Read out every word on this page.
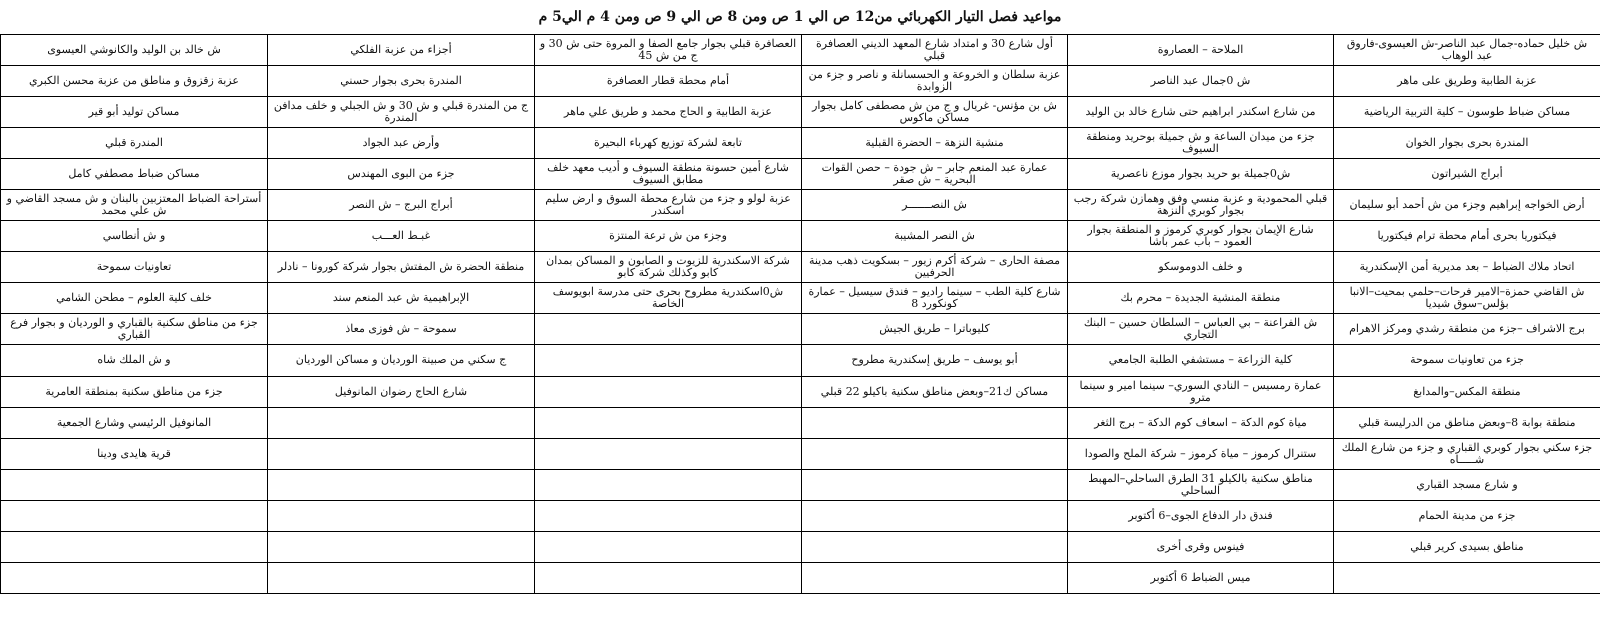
مواعيد فصل التيار الكهربائي من12 ص الي 1 ص ومن 8 ص الي 9 ص ومن 4 م الي5 م
ش خليل حماده-جمال عبد الناصر-ش العيسوى-فاروق عبد الوهاب	الملاحة – العصاروة	أول شارع 30 و امتداد شارع المعهد الديني العصافرة قبلي	العصافرة قبلي بجوار جامع الصفا و المروة حتى ش 30 و ج من ش 45	أجزاء من عزبة الفلكي	ش خالد بن الوليد والكانوشي العيسوى
عزبة الطابية وطريق على ماهر	ش 0جمال عبد الناصر	عزبة سلطان و الخروعة و الحسسانلة و ناصر و جزء من الزوابدة	أمام محطة قطار العصافرة	المندرة بحرى بجوار حسني	عزبة زقزوق و مناطق من عزبة محسن الكبري
مساكن ضباط طوسون – كلية التربية الرياضية	من شارع اسكندر ابراهيم حتى شارع خالد بن الوليد	ش بن مؤنس- غريال و ج من ش مصطفى كامل بجوار مساكن ماكوس	عزبة الطابية و الحاج محمد و طريق علي ماهر	ج من المندرة قبلي و ش 30 و ش الجبلي و خلف مدافن المندرة	مساكن توليد أبو قير
المندرة بحرى بجوار الخوان	جزء من ميدان الساعة و ش جميلة بوحريد ومنطقة السيوف	منشية النزهة – الحضرة القبلية	تابعة لشركة توزيع كهرباء البحيرة	وأرض عبد الجواد	المندرة قبلي
أبراج الشيراتون	ش0جميلة بو حريد بجوار موزع ناعصرية	عمارة عبد المنعم جابر – ش جودة – حصن القوات البحرية – ش صقر	شارع أمين حسونة منطقة السيوف و أديب معهد خلف مطابق السيوف	جزء من البوى المهندس	مساكن ضباط مصطفي كامل
أرض الخواجه إبراهيم وجزء من ش أحمد أبو سليمان	قبلي المحمودية و عزبة منسي وفق وهمازن شركة رجب بجوار كوبري النزهة	ش النصـــــــر	عزبة لولو و جزء من شارع محطة السوق و ارض سليم اسكندر	أبراج البرج – ش النصر	أستراحة الضباط المعتزبين بالبنان و ش مسجد القاضي و ش علي محمد
فيكتوريا بحرى أمام محطة ترام فيكتوريا	شارع الإيمان بجوار كوبري كرموز و المنطقة بجوار العمود – باب عمر باشا	ش النصر المشيبة	وجزء من ش ترعة المنتزة	غبـط العـــب	و ش أنطاسي
اتحاد ملاك الضباط – بعد مديرية أمن الإسكندرية	و خلف الدوموسكو	مصفة الحارى – شركة أكرم زيور – بسكويت ذهب مدينة الحرفيين	شركة الاسكندرية للزيوت و الصابون و المساكن بمدان كابو وكذلك شركة كابو	منطقة الحضرة ش المفتش بجوار شركة كورونا – نادلر	تعاونيات سموحة
ش القاضي حمزة–الامير فرحات–حلمي بمحيت–الانبا بؤلس–سوق شيديا	منطقة المنشية الجديدة – محرم بك	شارع كلية الطب – سينما راديو – فندق سيسيل – عمارة كونكورد 8	ش0اسكندرية مطروح بحرى حتى مدرسة ابويوسف الخاصة	الإبراهيمية ش عبد المنعم سند	خلف كلية العلوم – مطحن الشامي
برج الاشراف –جزء من منطقة رشدي ومركز الاهرام	ش الفراعنة – بي العباس – السلطان حسين – البنك التجاري	كليوباترا – طريق الجيش		سموحة – ش فوزى معاذ	جزء من مناطق سكنية بالقباري و الورديان و بجوار فرع القباري
جزء من تعاونيات سموحة	كلية الزراعة – مستشفي الطلبة الجامعي	أبو يوسف – طريق إسكندرية مطروح		ج سكني من صبينة الورديان و مساكن الورديان	و ش الملك شاه
منطقة المكس–والمدابغ	عمارة رمسيس – النادي السوري– سينما امير و سينما مترو	مساكن ك21–وبعض مناطق سكنية باكيلو 22 قبلي		شارع الحاج رضوان المانوفيل	جزء من مناطق سكنية بمنطقة العامرية
منطقة بوابة 8–وبعض مناطق من الدرليسة قبلي	مياة كوم الدكة – اسعاف كوم الدكة – برج الثغر				المانوفيل الرئيسي وشارع الجمعية
جزء سكني بجوار كوبري القباري و جزء من شارع الملك شـــــاه	ستنرال كرموز – مياة كرموز – شركة الملح والصودا				قرية هايدى ودينا
و شارع مسجد القباري	مناطق سكنية بالكيلو 31 الطرق الساحلي–المهبط الساحلي				
جزء من مدينة الحمام	فندق دار الدفاع الجوى–6 أكتوبر				
مناطق بسيدى كرير قبلي	فينوس وقرى أخرى				
	ميس الضباط 6 أكتوبر				
